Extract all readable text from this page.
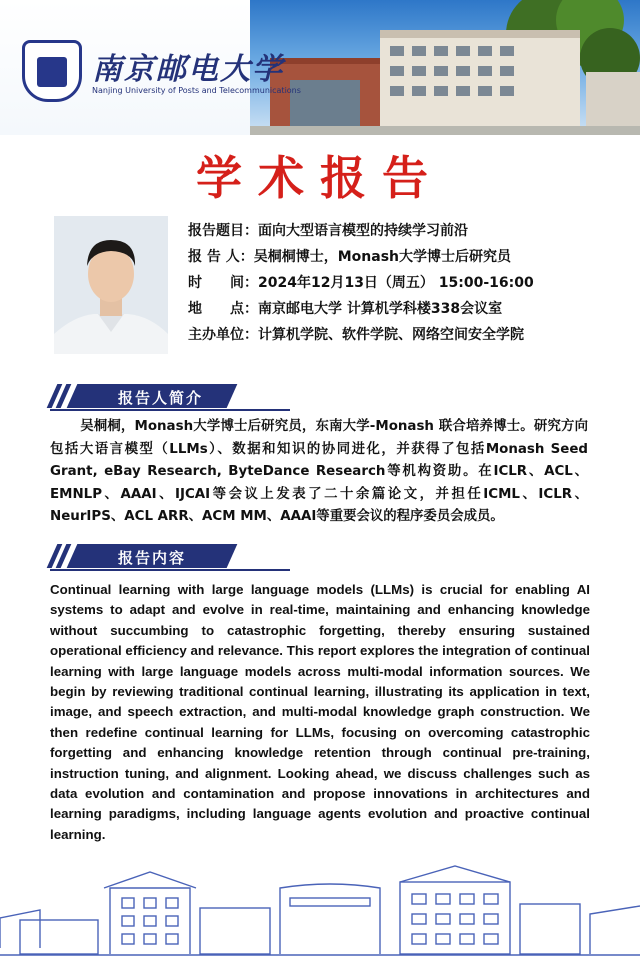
南京邮电大学
Nanjing University of Posts and Telecommunications
学术报告
报告题目：面向大型语言模型的持续学习前沿
报 告 人：吴桐桐博士，Monash大学博士后研究员
时　　间：2024年12月13日（周五） 15:00-16:00
地　　点：南京邮电大学 计算机学科楼338会议室
主办单位：计算机学院、软件学院、网络空间安全学院
报告人简介
吴桐桐，Monash大学博士后研究员，东南大学-Monash 联合培养博士。研究方向包括大语言模型（LLMs）、数据和知识的协同进化，并获得了包括Monash Seed Grant, eBay Research, ByteDance Research等机构资助。在ICLR、ACL、EMNLP、AAAI、IJCAI等会议上发表了二十余篇论文，并担任ICML、ICLR、NeurIPS、ACL ARR、ACM MM、AAAI等重要会议的程序委员会成员。
报告内容
Continual learning with large language models (LLMs) is crucial for enabling AI systems to adapt and evolve in real-time, maintaining and enhancing knowledge without succumbing to catastrophic forgetting, thereby ensuring sustained operational efficiency and relevance. This report explores the integration of continual learning with large language models across multi-modal information sources. We begin by reviewing traditional continual learning, illustrating its application in text, image, and speech extraction, and multi-modal knowledge graph construction. We then redefine continual learning for LLMs, focusing on overcoming catastrophic forgetting and enhancing knowledge retention through continual pre-training, instruction tuning, and alignment. Looking ahead, we discuss challenges such as data evolution and contamination and propose innovations in architectures and learning paradigms, including language agents evolution and proactive continual learning.
